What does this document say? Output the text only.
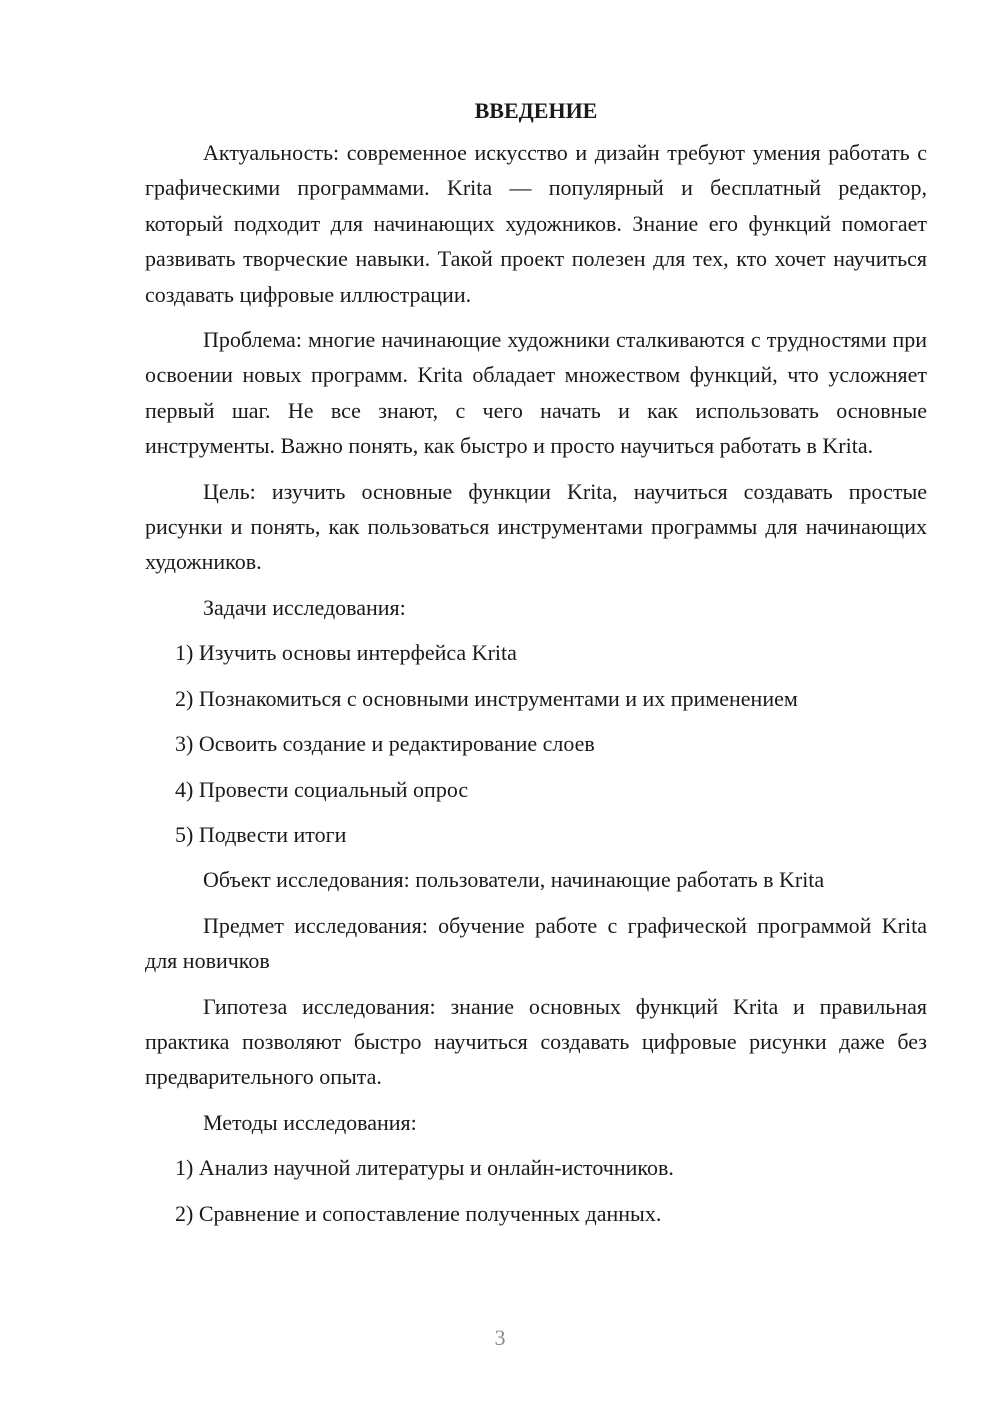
ВВЕДЕНИЕ
Актуальность: современное искусство и дизайн требуют умения работать с графическими программами. Krita — популярный и бесплатный редактор, который подходит для начинающих художников. Знание его функций помогает развивать творческие навыки. Такой проект полезен для тех, кто хочет научиться создавать цифровые иллюстрации.
Проблема: многие начинающие художники сталкиваются с трудностями при освоении новых программ. Krita обладает множеством функций, что усложняет первый шаг. Не все знают, с чего начать и как использовать основные инструменты. Важно понять, как быстро и просто научиться работать в Krita.
Цель: изучить основные функции Krita, научиться создавать простые рисунки и понять, как пользоваться инструментами программы для начинающих художников.
Задачи исследования:
1) Изучить основы интерфейса Krita
2) Познакомиться с основными инструментами и их применением
3) Освоить создание и редактирование слоев
4) Провести социальный опрос
5) Подвести итоги
Объект исследования: пользователи, начинающие работать в Krita
Предмет исследования: обучение работе с графической программой Krita для новичков
Гипотеза исследования: знание основных функций Krita и правильная практика позволяют быстро научиться создавать цифровые рисунки даже без предварительного опыта.
Методы исследования:
1) Анализ научной литературы и онлайн-источников.
2) Сравнение и сопоставление полученных данных.
3
